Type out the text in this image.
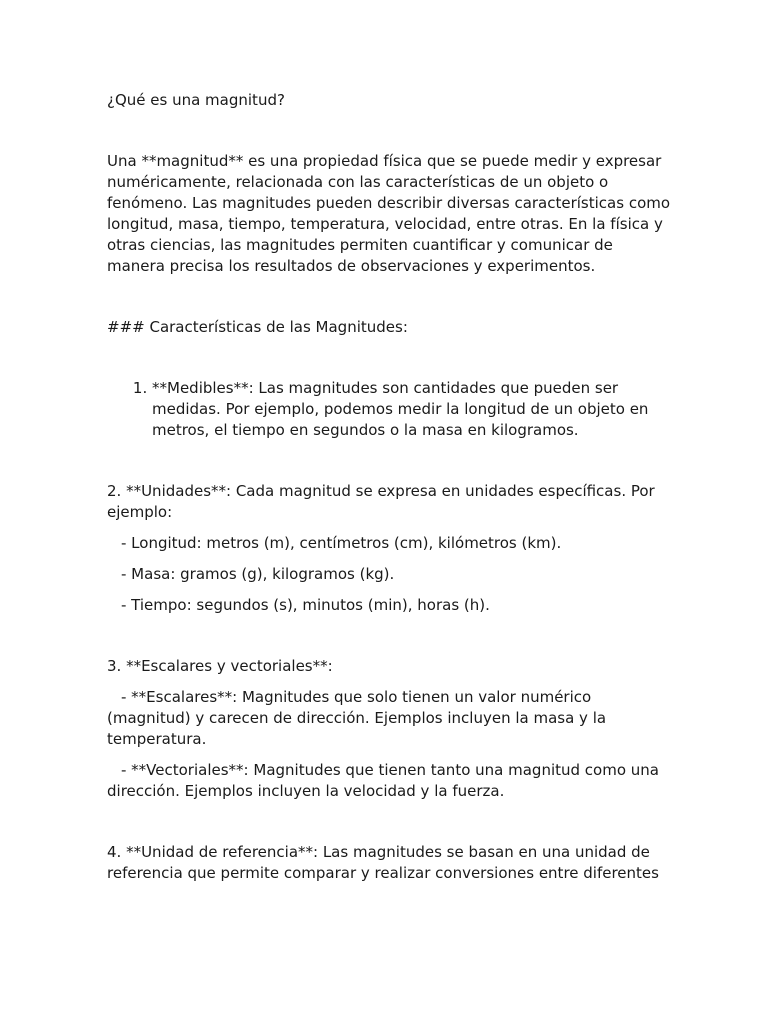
¿Qué es una magnitud?

Una **magnitud** es una propiedad física que se puede medir y expresar numéricamente, relacionada con las características de un objeto o fenómeno. Las magnitudes pueden describir diversas características como longitud, masa, tiempo, temperatura, velocidad, entre otras. En la física y otras ciencias, las magnitudes permiten cuantificar y comunicar de manera precisa los resultados de observaciones y experimentos.

### Características de las Magnitudes:

1. **Medibles**: Las magnitudes son cantidades que pueden ser medidas. Por ejemplo, podemos medir la longitud de un objeto en metros, el tiempo en segundos o la masa en kilogramos.

2. **Unidades**: Cada magnitud se expresa en unidades específicas. Por ejemplo:

- Longitud: metros (m), centímetros (cm), kilómetros (km).

- Masa: gramos (g), kilogramos (kg).

- Tiempo: segundos (s), minutos (min), horas (h).

3. **Escalares y vectoriales**:

- **Escalares**: Magnitudes que solo tienen un valor numérico (magnitud) y carecen de dirección. Ejemplos incluyen la masa y la temperatura.

- **Vectoriales**: Magnitudes que tienen tanto una magnitud como una dirección. Ejemplos incluyen la velocidad y la fuerza.

4. **Unidad de referencia**: Las magnitudes se basan en una unidad de referencia que permite comparar y realizar conversiones entre diferentes
